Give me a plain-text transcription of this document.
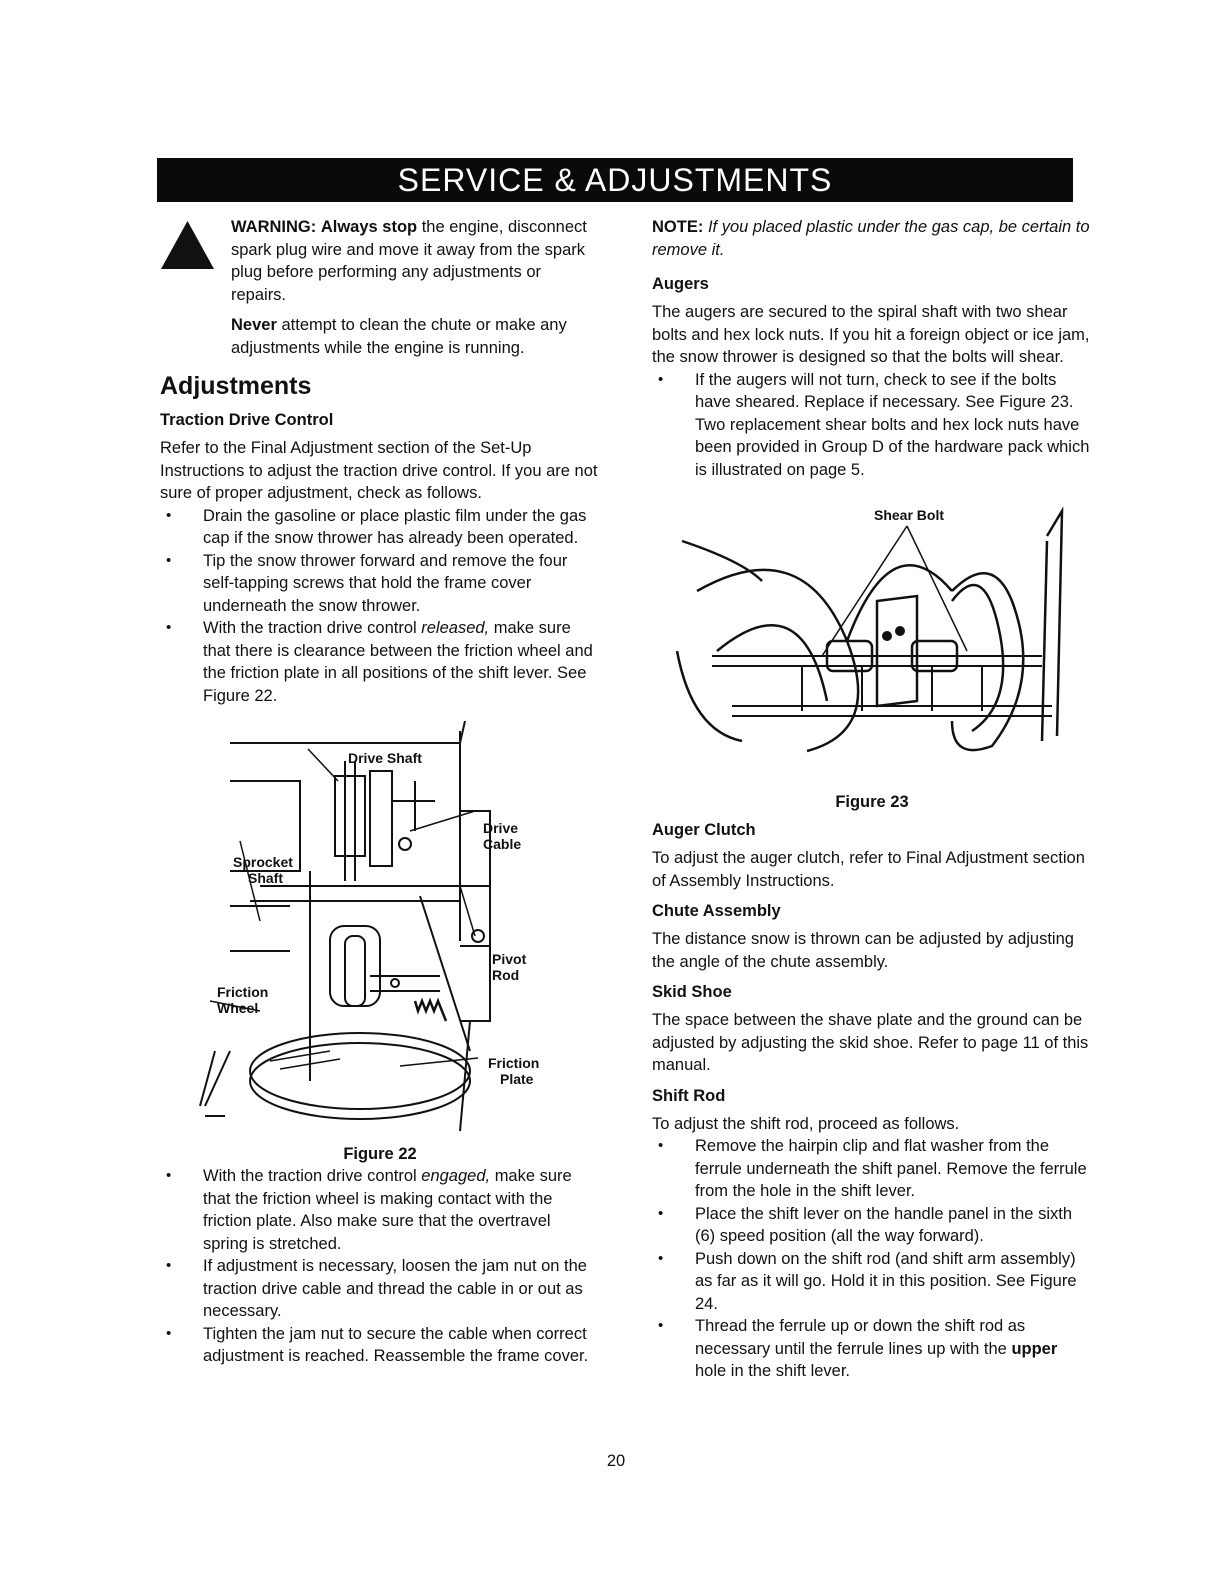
SERVICE & ADJUSTMENTS

WARNING: Always stop the engine, disconnect spark plug wire and move it away from the spark plug before performing any adjustments or repairs.

Never attempt to clean the chute or make any adjustments while the engine is running.

Adjustments
Traction Drive Control

Refer to the Final Adjustment section of the Set-Up Instructions to adjust the traction drive control. If you are not sure of proper adjustment, check as follows.

• Drain the gasoline or place plastic film under the gas cap if the snow thrower has already been operated.
• Tip the snow thrower forward and remove the four self-tapping screws that hold the frame cover underneath the snow thrower.
• With the traction drive control released, make sure that there is clearance between the friction wheel and the friction plate in all positions of the shift lever. See Figure 22.
Drive Shaft
Drive
Cable
Sprocket
Shaft
Pivot
Rod
Friction
Wheel
Friction
Plate
Figure 22
• With the traction drive control engaged, make sure that the friction wheel is making contact with the friction plate. Also make sure that the overtravel spring is stretched.
• If adjustment is necessary, loosen the jam nut on the traction drive cable and thread the cable in or out as necessary.
• Tighten the jam nut to secure the cable when correct adjustment is reached. Reassemble the frame cover.

NOTE: If you placed plastic under the gas cap, be certain to remove it.

Augers

The augers are secured to the spiral shaft with two shear bolts and hex lock nuts. If you hit a foreign object or ice jam, the snow thrower is designed so that the bolts will shear.

• If the augers will not turn, check to see if the bolts have sheared. Replace if necessary. See Figure 23. Two replacement shear bolts and hex lock nuts have been provided in Group D of the hardware pack which is illustrated on page 5.
Shear Bolt
Figure 23
Auger Clutch

To adjust the auger clutch, refer to Final Adjustment section of Assembly Instructions.

Chute Assembly

The distance snow is thrown can be adjusted by adjusting the angle of the chute assembly.

Skid Shoe

The space between the shave plate and the ground can be adjusted by adjusting the skid shoe. Refer to page 11 of this manual.

Shift Rod

To adjust the shift rod, proceed as follows.

• Remove the hairpin clip and flat washer from the ferrule underneath the shift panel. Remove the ferrule from the hole in the shift lever.
• Place the shift lever on the handle panel in the sixth (6) speed position (all the way forward).
• Push down on the shift rod (and shift arm assembly) as far as it will go. Hold it in this position. See Figure 24.
• Thread the ferrule up or down the shift rod as necessary until the ferrule lines up with the upper hole in the shift lever.
20
